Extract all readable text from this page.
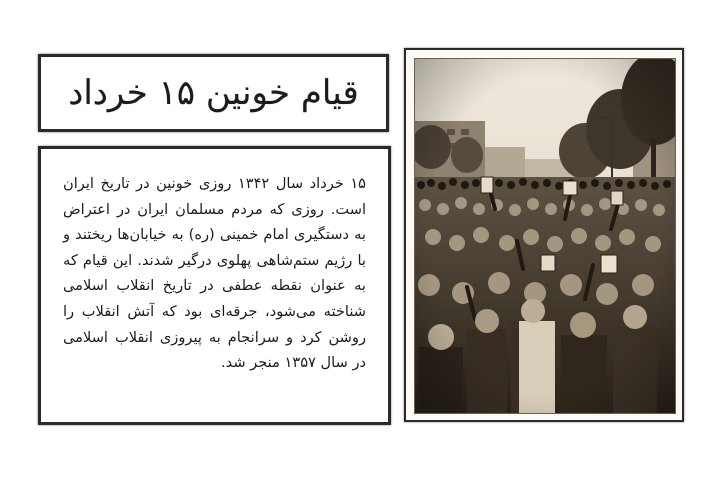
قیام خونین ۱۵ خرداد

۱۵ خرداد سال ۱۳۴۲ روزی خونین در تاریخ ایران است. روزی که مردم مسلمان ایران در اعتراض به دستگیری امام خمینی (ره) به خیابان‌ها ریختند و با رژیم ستم‌شاهی پهلوی درگیر شدند. این قیام که به عنوان نقطه عطفی در تاریخ انقلاب اسلامی شناخته می‌شود، جرقه‌ای بود که آتش انقلاب را روشن کرد و سرانجام به پیروزی انقلاب اسلامی در سال ۱۳۵۷ منجر شد.
